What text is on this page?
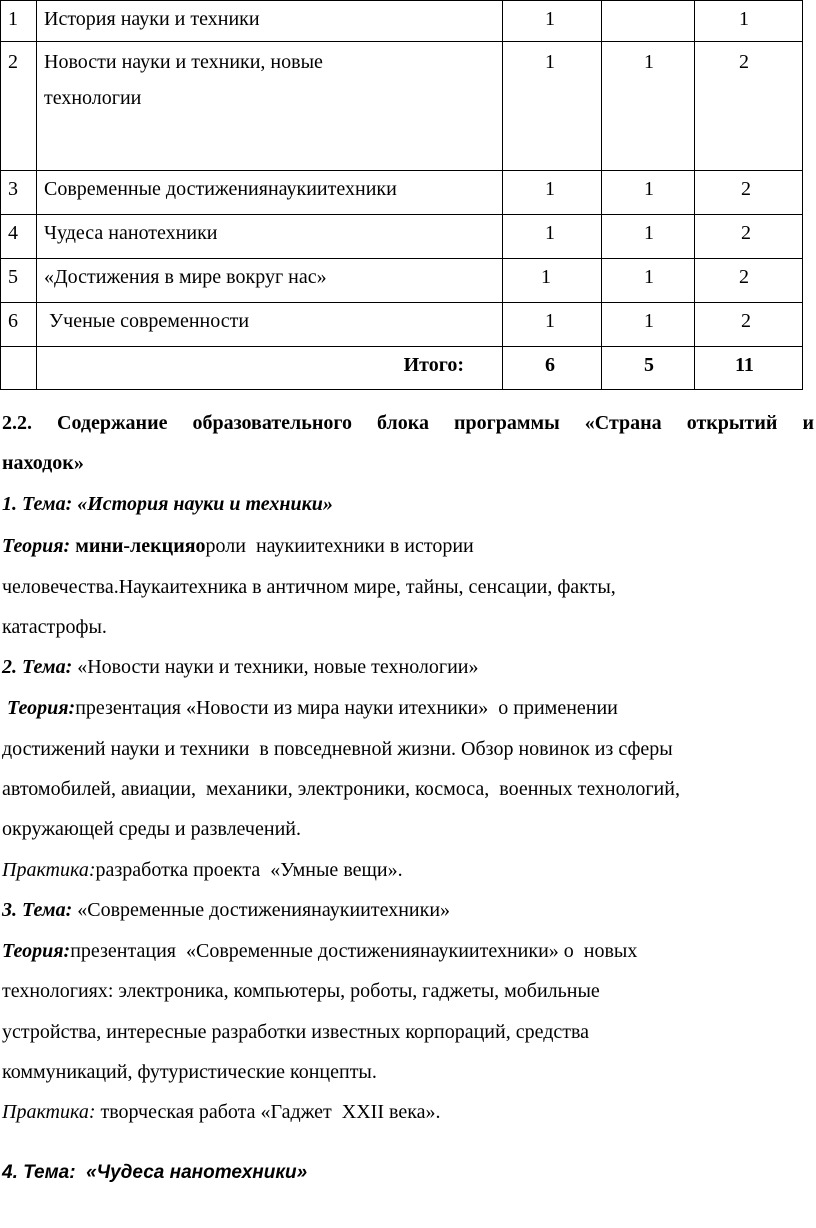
1	История науки и техники	1		1
2	Новости науки и техники, новые
технологии	1	1	2
3	Современные достижениянаукиитехники	1	1	2
4	Чудеса нанотехники	1	1	2
5	«Достижения в мире вокруг нас»	1	1	2
6	Ученые современности	1	1	2
	Итого:	6	5	11
2.2. Содержание образовательного блока программы «Страна открытий и
находок»
1. Тема: «История науки и техники»
Теория: мини-лекцияороли  наукиитехники в истории
человечества.Наукаитехника в античном мире, тайны, сенсации, факты,
катастрофы.
2. Тема: «Новости науки и техники, новые технологии»
Теория:презентация «Новости из мира науки итехники»  о применении
достижений науки и техники  в повседневной жизни. Обзор новинок из сферы
автомобилей, авиации,  механики, электроники, космоса,  военных технологий,
окружающей среды и развлечений.
Практика:разработка проекта  «Умные вещи».
3. Тема: «Современные достижениянаукиитехники»
Теория:презентация  «Современные достижениянаукиитехники» о  новых
технологиях: электроника, компьютеры, роботы, гаджеты, мобильные
устройства, интересные разработки известных корпораций, средства
коммуникаций, футуристические концепты.
Практика: творческая работа «Гаджет  XXII века».
4. Тема:  «Чудеса нанотехники»
